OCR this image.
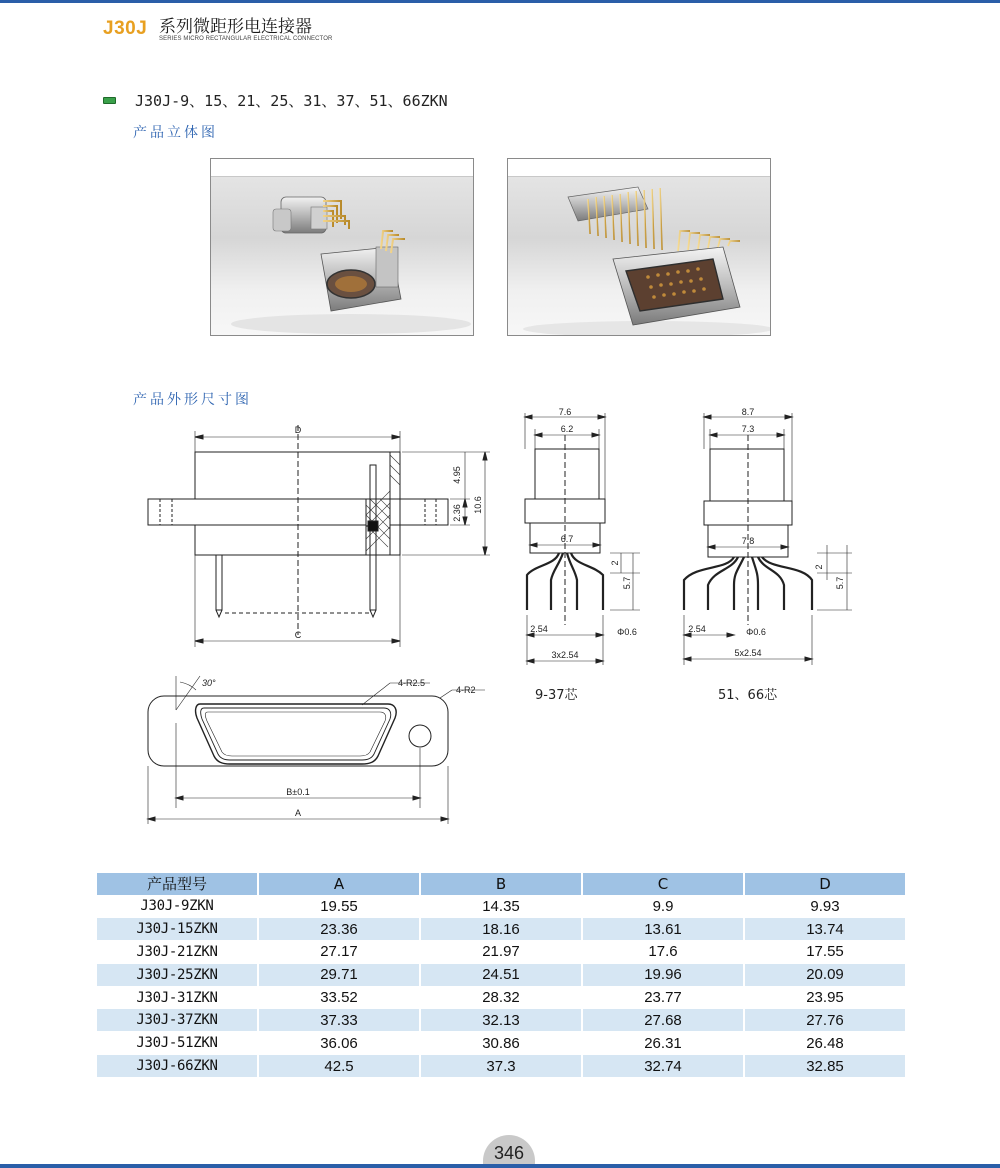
J30J 系列微距形电连接器
SERIES MICRO RECTANGULAR ELECTRICAL CONNECTOR
J30J-9、15、21、25、31、37、51、66ZKN
产品立体图
产品外形尺寸图
D
C
4.95
10.6
2.36
7.6
6.2
6.7
2
5.7
2.54	Φ0.6
3x2.54
9-37芯
8.7
7.3
7.8
2
5.7
2.54	Φ0.6
5x2.54
51、66芯
30°	4-R2.5
4-R2
B±0.1
A
产品型号	A	B	C	D
J30J-9ZKN	19.55	14.35	9.9	9.93
J30J-15ZKN	23.36	18.16	13.61	13.74
J30J-21ZKN	27.17	21.97	17.6	17.55
J30J-25ZKN	29.71	24.51	19.96	20.09
J30J-31ZKN	33.52	28.32	23.77	23.95
J30J-37ZKN	37.33	32.13	27.68	27.76
J30J-51ZKN	36.06	30.86	26.31	26.48
J30J-66ZKN	42.5	37.3	32.74	32.85
346
